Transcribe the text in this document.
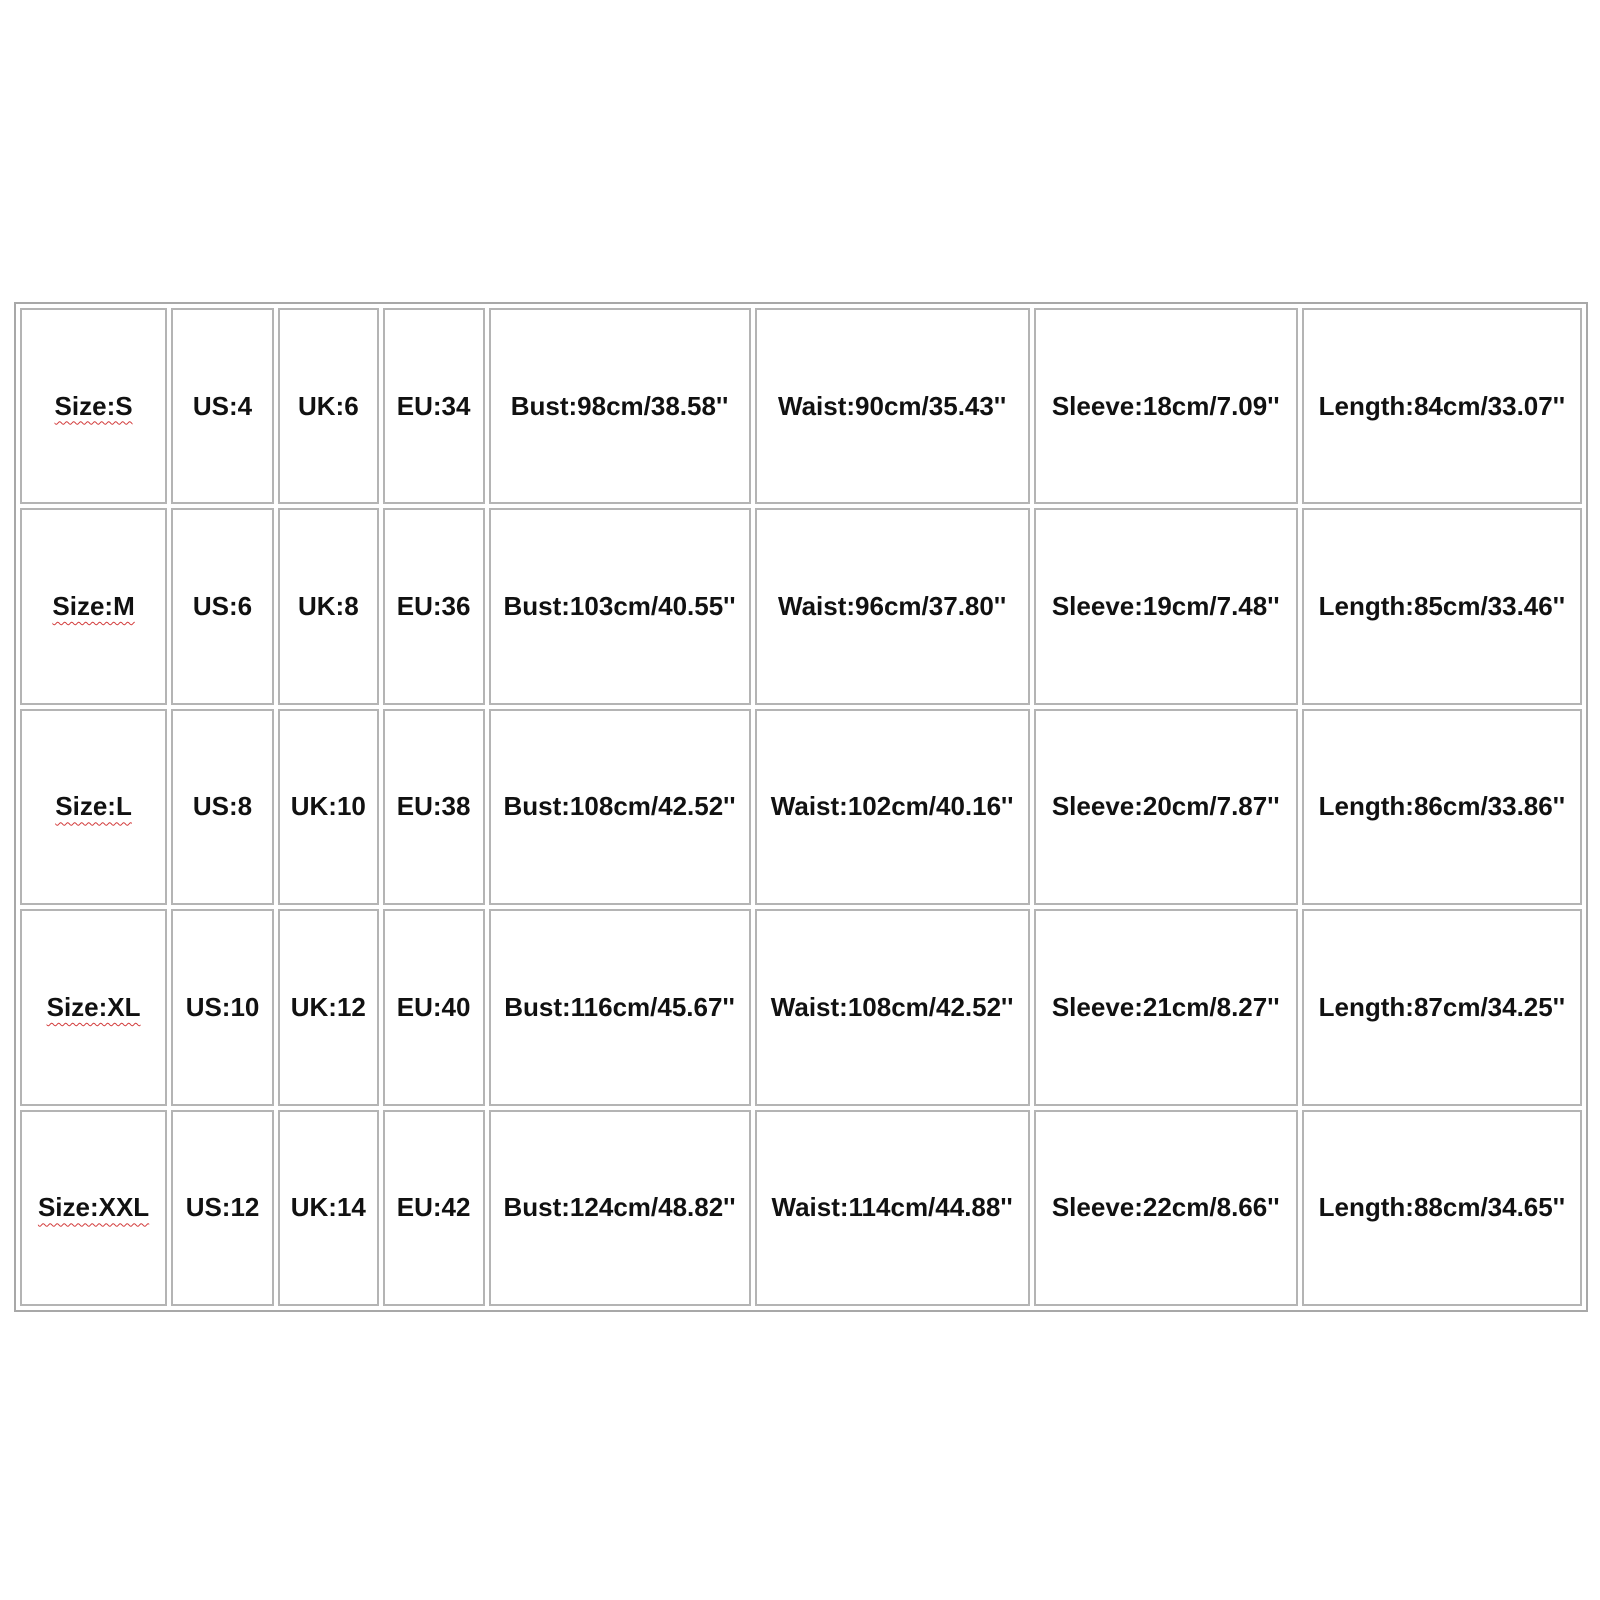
Size:S	US:4	UK:6	EU:34	Bust:98cm/38.58''	Waist:90cm/35.43''	Sleeve:18cm/7.09''	Length:84cm/33.07''
Size:M	US:6	UK:8	EU:36	Bust:103cm/40.55''	Waist:96cm/37.80''	Sleeve:19cm/7.48''	Length:85cm/33.46''
Size:L	US:8	UK:10	EU:38	Bust:108cm/42.52''	Waist:102cm/40.16''	Sleeve:20cm/7.87''	Length:86cm/33.86''
Size:XL	US:10	UK:12	EU:40	Bust:116cm/45.67''	Waist:108cm/42.52''	Sleeve:21cm/8.27''	Length:87cm/34.25''
Size:XXL	US:12	UK:14	EU:42	Bust:124cm/48.82''	Waist:114cm/44.88''	Sleeve:22cm/8.66''	Length:88cm/34.65''
